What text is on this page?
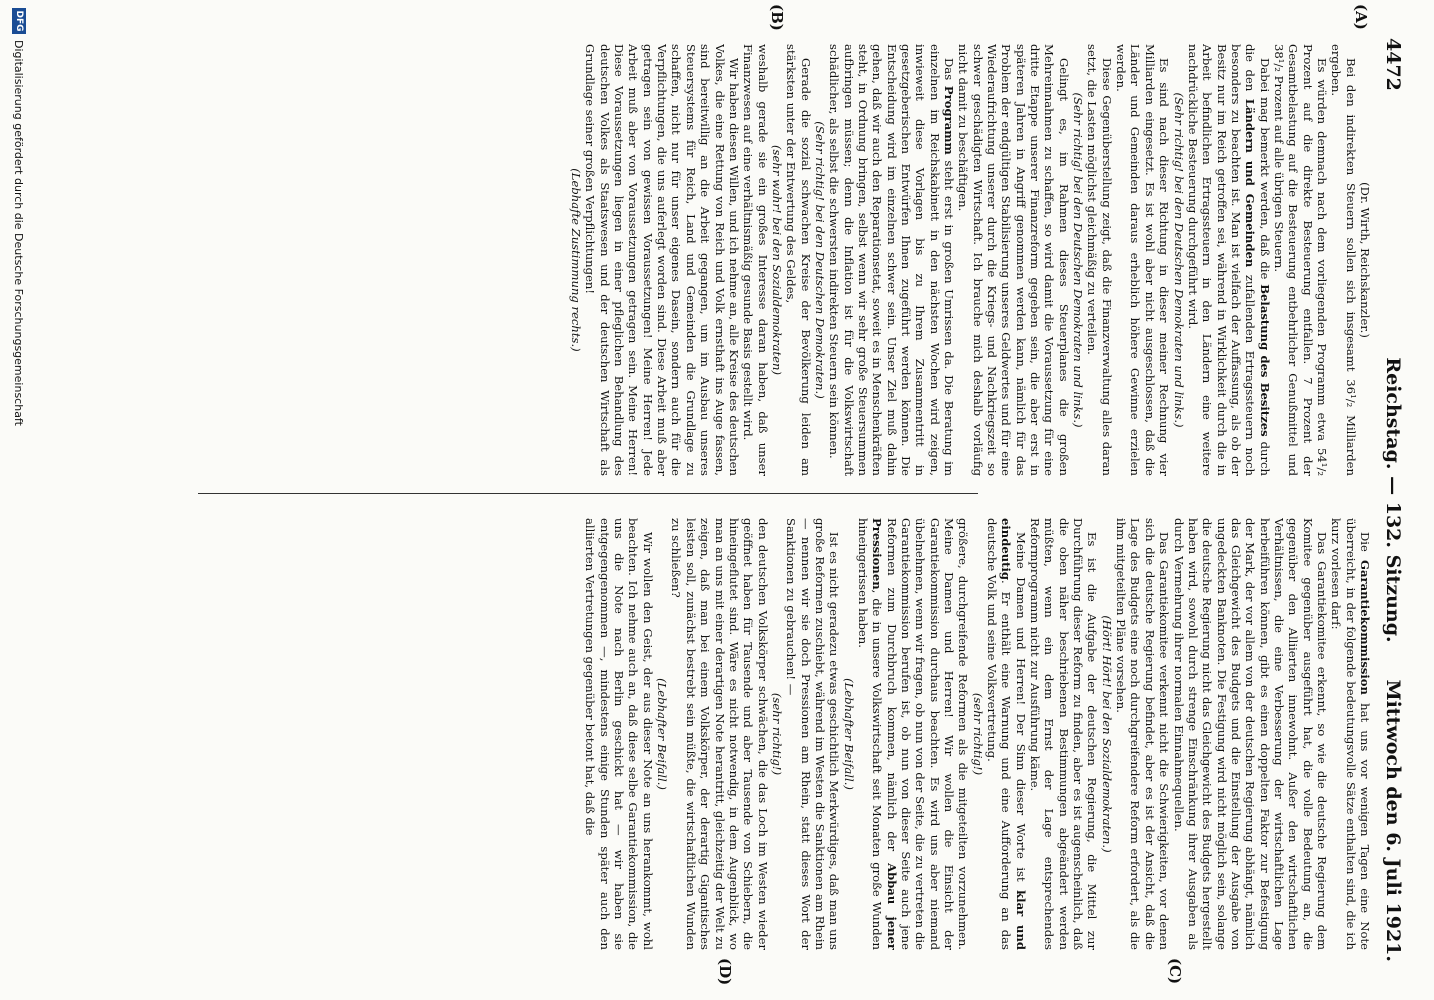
4472
Reichstag. — 132. Sitzung.
Mittwoch den 6. Juli 1921.
(A)
(B)
(C)
(D)

(Dr. Wirth, Reichskanzler.)

Bei den indirekten Steuern sollen sich insgesamt 36¹/₂ Milliarden ergeben.

Es würden demnach nach dem vorliegenden Programm etwa 54¹/₂ Prozent auf die direkte Besteuerung entfallen. 7 Prozent der Gesamtbelastung auf die Besteuerung entbehrlicher Genußmittel und 38¹/₂ Prozent auf alle übrigen Steuern.

Dabei mag bemerkt werden, daß die Belastung des Besitzes durch die den Ländern und Gemeinden zufallenden Ertragssteuern noch besonders zu beachten ist. Man ist vielfach der Auffassung, als ob der Besitz nur im Reich getroffen sei, während in Wirklichkeit durch die in Arbeit befindlichen Ertragssteuern in den Ländern eine weitere nachdrückliche Besteuerung durchgeführt wird.

(Sehr richtig! bei den Deutschen Demokraten und links.)

Es sind nach dieser Richtung in dieser meiner Rechnung vier Milliarden eingesetzt. Es ist wohl aber nicht ausgeschlossen, daß die Länder und Gemeinden daraus erheblich höhere Gewinne erzielen werden.

Diese Gegenüberstellung zeigt, daß die Finanzverwaltung alles daran setzt, die Lasten möglichst gleichmäßig zu verteilen.

(Sehr richtig! bei den Deutschen Demokraten und links.)

Gelingt es, im Rahmen dieses Steuerplanes die großen Mehreinnahmen zu schaffen, so wird damit die Voraussetzung für eine dritte Etappe unserer Finanzreform gegeben sein, die aber erst in späteren Jahren in Angriff genommen werden kann, nämlich für das Problem der endgültigen Stabilisierung unseres Geldwertes und für eine Wiederaufrichtung unserer durch die Kriegs- und Nachkriegszeit so schwer geschädigten Wirtschaft. Ich brauche mich deshalb vorläufig nicht damit zu beschäftigen.

Das Programm steht erst in großen Umrissen da. Die Beratung im einzelnen im Reichskabinett in den nächsten Wochen wird zeigen, inwieweit diese Vorlagen bis zu Ihrem Zusammentritt in gesetzgeberischen Entwürfen Ihnen zugeführt werden können. Die Entscheidung wird im einzelnen schwer sein. Unser Ziel muß dahin gehen, daß wir auch den Reparationsetat, soweit es in Menschenkräften steht, in Ordnung bringen, selbst wenn wir sehr große Steuersummen aufbringen müssen; denn die Inflation ist für die Volkswirtschaft schädlicher, als selbst die schwersten indirekten Steuern sein können.

(Sehr richtig! bei den Deutschen Demokraten.)

Gerade die sozial schwachen Kreise der Bevölkerung leiden am stärksten unter der Entwertung des Geldes,

(sehr wahr! bei den Sozialdemokraten)

weshalb gerade sie ein großes Interesse daran haben, daß unser Finanzwesen auf eine verhältnismäßig gesunde Basis gestellt wird.

Wir haben diesen Willen, und ich nehme an, alle Kreise des deutschen Volkes, die eine Rettung von Reich und Volk ernsthaft ins Auge fassen, sind bereitwillig an die Arbeit gegangen, um im Ausbau unseres Steuersystems für Reich, Land und Gemeinden die Grundlage zu schaffen, nicht nur für unser eigenes Dasein, sondern auch für die Verpflichtungen, die uns auferlegt worden sind. Diese Arbeit muß aber getragen sein von gewissen Voraussetzungen! Meine Herren! Jede Arbeit muß aber von Voraussetzungen getragen sein. Meine Herren! Diese Voraussetzungen liegen in einer pfleglichen Behandlung des deutschen Volkes als Staatswesen und der deutschen Wirtschaft als Grundlage seiner großen Verpflichtungen!

(Lebhafte Zustimmung rechts.)

Die Garantiekommission hat uns vor wenigen Tagen eine Note überreicht, in der folgende bedeutungsvolle Sätze enthalten sind, die ich kurz vorlesen darf:

Das Garantiekomitee erkennt, so wie die deutsche Regierung dem Komitee gegenüber ausgeführt hat, die volle Bedeutung an, die gegenüber den Alliierten innewohnt. Außer den wirtschaftlichen Verhältnissen, die eine Verbesserung der wirtschaftlichen Lage herbeiführen können, gibt es einen doppelten Faktor zur Befestigung der Mark, der vor allem von der deutschen Regierung abhängt, nämlich das Gleichgewicht des Budgets und die Einstellung der Ausgabe von ungedeckten Banknoten. Die Festigung wird nicht möglich sein, solange die deutsche Regierung nicht das Gleichgewicht des Budgets hergestellt haben wird, sowohl durch strenge Einschränkung ihrer Ausgaben als durch Vermehrung ihrer normalen Einnahmequellen.

Das Garantiekomitee verkennt nicht die Schwierigkeiten, vor denen sich die deutsche Regierung befindet, aber es ist der Ansicht, daß die Lage des Budgets eine noch durchgreifendere Reform erfordert, als die ihm mitgeteilten Pläne vorsehen.

(Hört! Hört! bei den Sozialdemokraten.)

Es ist die Aufgabe der deutschen Regierung, die Mittel zur Durchführung dieser Reform zu finden, aber es ist augenscheinlich, daß die oben näher beschriebenen Bestimmungen abgeändert werden müßten, wenn ein dem Ernst der Lage entsprechendes Reformprogramm nicht zur Ausführung käme.

Meine Damen und Herren! Der Sinn dieser Worte ist klar und eindeutig. Er enthält eine Warnung und eine Aufforderung an das deutsche Volk und seine Volksvertretung.

(sehr richtig!)

größere, durchgreifende Reformen als die mitgeteilten vorzunehmen. Meine Damen und Herren! Wir wollen die Einsicht der Garantiekommission durchaus beachten. Es wird uns aber niemand übelnehmen, wenn wir fragen, ob nun von der Seite, die zu vertreten die Garantiekommission berufen ist, ob nun von dieser Seite auch jene Reformen zum Durchbruch kommen, nämlich der Abbau jener Pressionen, die in unsere Volkswirtschaft seit Monaten große Wunden hineingerissen haben.

(Lebhafter Beifall.)

Ist es nicht geradezu etwas geschichtlich Merkwürdiges, daß man uns große Reformen zuschiebt, während im Westen die Sanktionen am Rhein — nennen wir sie doch Pressionen am Rhein, statt dieses Wort der Sanktionen zu gebrauchen! —

(sehr richtig!)

den deutschen Volkskörper schwächen, die das Loch im Westen wieder geöffnet haben für Tausende und aber Tausende von Schiebern, die hineingeflutet sind. Wäre es nicht notwendig, in dem Augenblick, wo man an uns mit einer derartigen Note herantritt, gleichzeitig der Welt zu zeigen, daß man bei einem Volkskörper, der derartig Gigantisches leisten soll, zunächst bestrebt sein müßte, die wirtschaftlichen Wunden zu schließen?

(Lebhafter Beifall.)

Wir wollen den Geist, der aus dieser Note an uns herankommt, wohl beachten. Ich nehme auch an, daß diese selbe Garantiekommission, die uns die Note nach Berlin geschickt hat — wir haben sie entgegengenommen —, mindestens einige Stunden später auch den alliierten Vertretungen gegenüber betont hat, daß die

DFG
Digitalisierung gefördert durch die Deutsche Forschungsgemeinschaft
